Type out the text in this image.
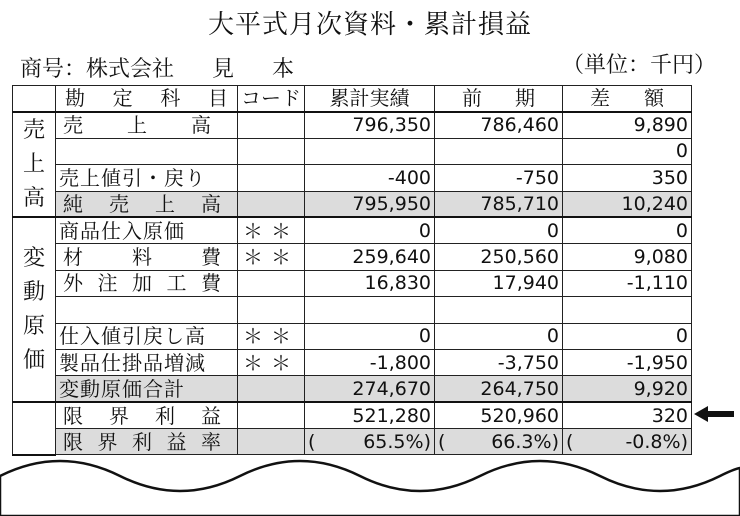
大平式月次資料・累計損益
商号：株式会社 見 本	（単位：千円）

	勘 定 科 目	コード	累計実績	前 期	差 額

売
上
高	売 上 高		796,350	786,460	9,890
					0

	売上値引・戻り		-400	-750	350

	純 売 上 高		795,950	785,710	10,240

変
動
原
価	商品仕入原価	＊＊	0	0	0

	材 料 費	＊＊	259,640	250,560	9,080

	外 注 加 工 費		16,830	17,940	-1,110

	仕入値引戻し高	＊＊	0	0	0

	製品仕掛品増減	＊＊	-1,800	-3,750	-1,950

	変動原価合計		274,670	264,750	9,920

	限 界 利 益		521,280	520,960	320

	限 界 利 益 率		( 65.5% )	( 66.3% )	( -0.8% )
